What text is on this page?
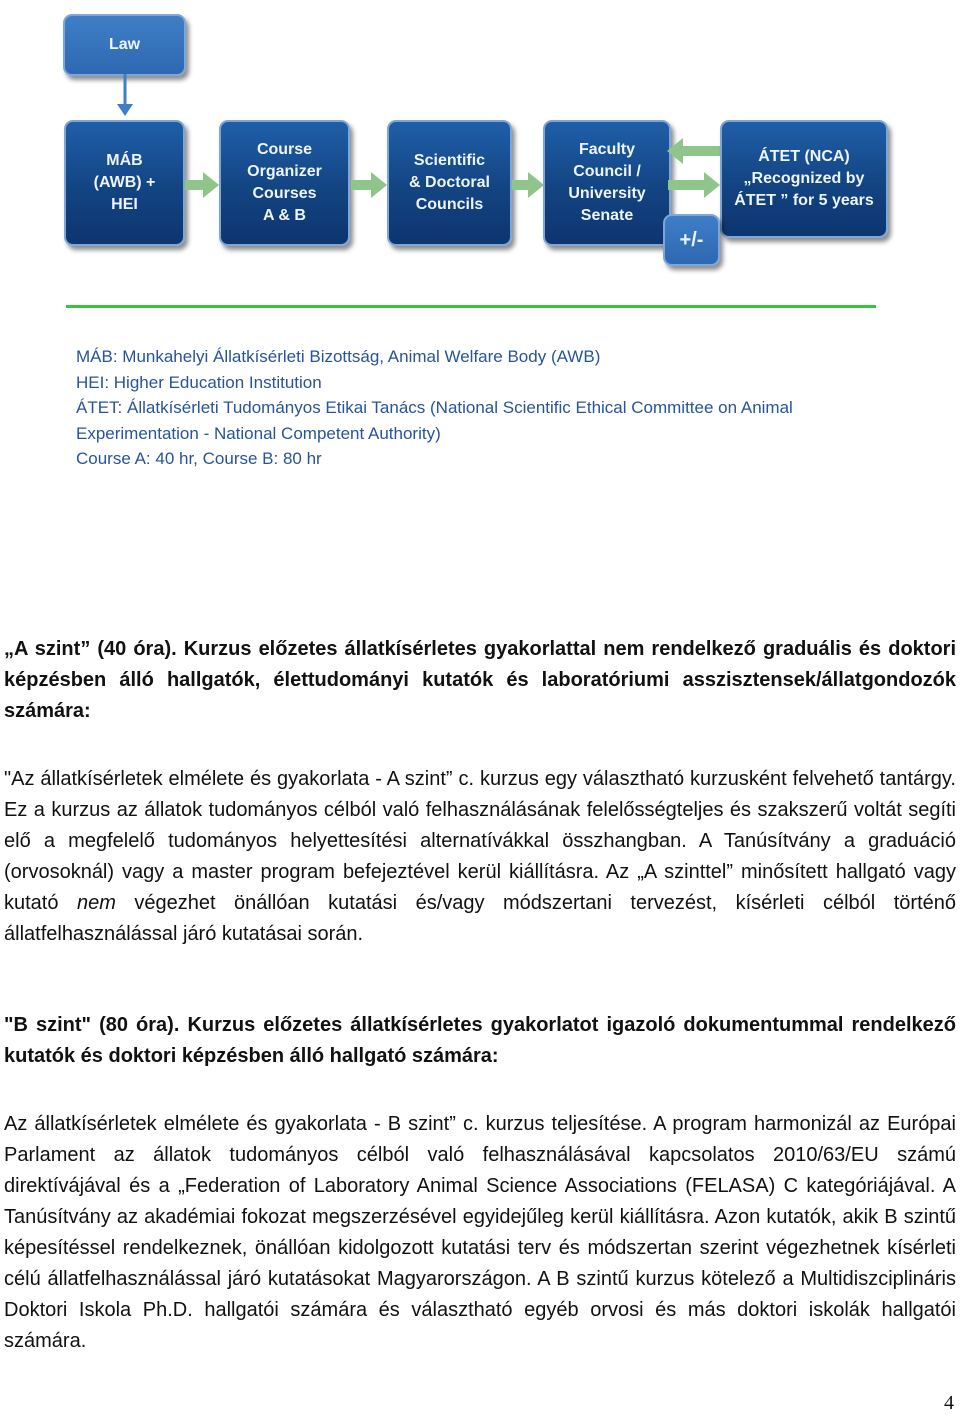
Law
MÁB
(AWB) +
HEI
Course
Organizer
Courses
A & B
Scientific
& Doctoral
Councils
Faculty
Council /
University
Senate
ÁTET (NCA)
„Recognized by
ÁTET ” for 5 years
+/-
MÁB: Munkahelyi Állatkísérleti Bizottság, Animal Welfare Body (AWB)
HEI: Higher Education Institution
ÁTET: Állatkísérleti Tudományos Etikai Tanács (National Scientific Ethical Committee on Animal
Experimentation - National Competent Authority)
Course A: 40 hr, Course B: 80 hr
„A szint” (40 óra). Kurzus előzetes állatkísérletes gyakorlattal nem rendelkező graduális és doktori képzésben álló hallgatók, élettudományi kutatók és laboratóriumi asszisztensek/állatgondozók számára:
"Az állatkísérletek elmélete és gyakorlata - A szint” c. kurzus egy választható kurzusként felvehető tantárgy. Ez a kurzus az állatok tudományos célból való felhasználásának felelősségteljes és szakszerű voltát segíti elő a megfelelő tudományos helyettesítési alternatívákkal összhangban. A Tanúsítvány a graduáció (orvosoknál) vagy a master program befejeztével kerül kiállításra. Az „A szinttel” minősített hallgató vagy kutató nem végezhet önállóan kutatási és/vagy módszertani tervezést, kísérleti célból történő állatfelhasználással járó kutatásai során.
"B szint" (80 óra). Kurzus előzetes állatkísérletes gyakorlatot igazoló dokumentummal rendelkező kutatók és doktori képzésben álló hallgató számára:
Az állatkísérletek elmélete és gyakorlata - B szint” c. kurzus teljesítése. A program harmonizál az Európai Parlament az állatok tudományos célból való felhasználásával kapcsolatos 2010/63/EU számú direktívájával és a „Federation of Laboratory Animal Science Associations (FELASA) C kategóriájával. A Tanúsítvány az akadémiai fokozat megszerzésével egyidejűleg kerül kiállításra. Azon kutatók, akik B szintű képesítéssel rendelkeznek, önállóan kidolgozott kutatási terv és módszertan szerint végezhetnek kísérleti célú állatfelhasználással járó kutatásokat Magyarországon. A B szintű kurzus kötelező a Multidiszciplináris Doktori Iskola Ph.D. hallgatói számára és választható egyéb orvosi és más doktori iskolák hallgatói számára.
4
